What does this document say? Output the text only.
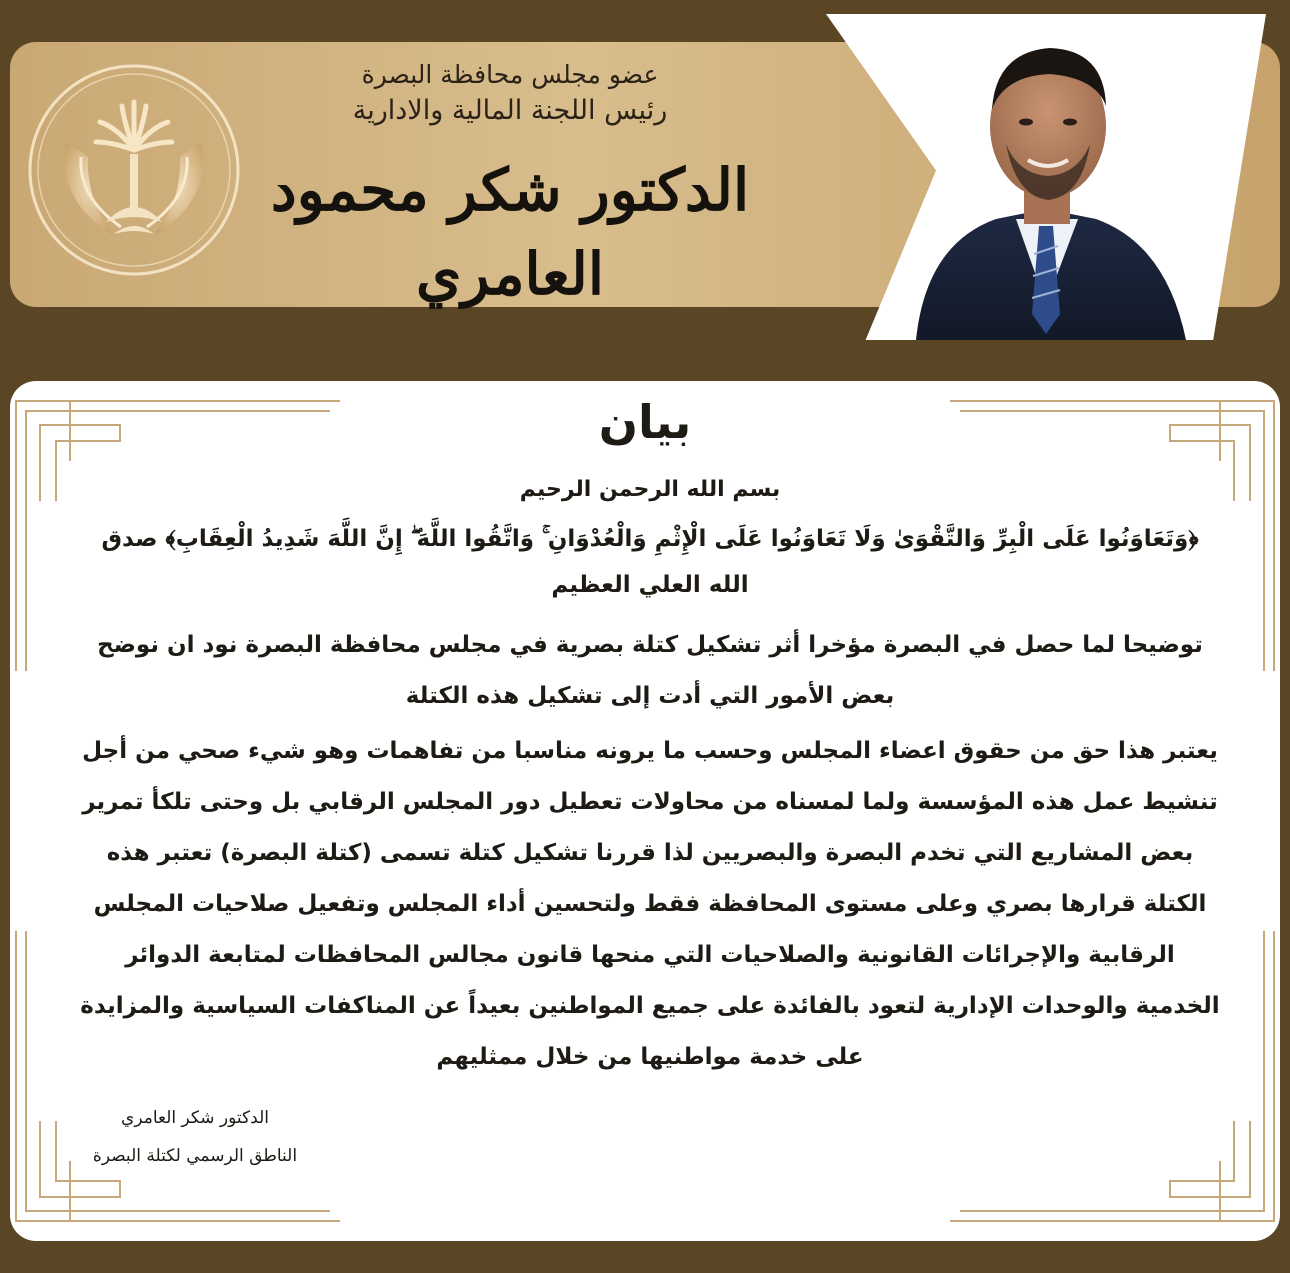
عضو مجلس محافظة البصرة

رئيس اللجنة المالية والادارية

الدكتور شكر محمود العامري
بيان

بسم الله الرحمن الرحيم

﴿وَتَعَاوَنُوا عَلَى الْبِرِّ وَالتَّقْوَىٰ وَلَا تَعَاوَنُوا عَلَى الْإِثْمِ وَالْعُدْوَانِ ۚ وَاتَّقُوا اللَّهَ ۖ إِنَّ اللَّهَ شَدِيدُ الْعِقَابِ﴾ صدق الله العلي العظيم

توضيحا لما حصل في البصرة مؤخرا أثر تشكيل كتلة بصرية في مجلس محافظة البصرة نود ان نوضح بعض الأمور التي أدت إلى تشكيل هذه الكتلة

يعتبر هذا حق من حقوق اعضاء المجلس وحسب ما يرونه مناسبا من تفاهمات وهو شيء صحي من أجل تنشيط عمل هذه المؤسسة ولما لمسناه من محاولات تعطيل دور المجلس الرقابي بل وحتى تلكأ تمرير بعض المشاريع التي تخدم البصرة والبصريين لذا قررنا تشكيل كتلة تسمى (كتلة البصرة) تعتبر هذه الكتلة قرارها بصري وعلى مستوى المحافظة فقط ولتحسين أداء المجلس وتفعيل صلاحيات المجلس الرقابية والإجرائات القانونية والصلاحيات التي منحها قانون مجالس المحافظات لمتابعة الدوائر الخدمية والوحدات الإدارية لتعود بالفائدة على جميع المواطنين بعيداً عن المناكفات السياسية والمزايدة على خدمة مواطنيها من خلال ممثليهم

الدكتور شكر العامري
الناطق الرسمي لكتلة البصرة
